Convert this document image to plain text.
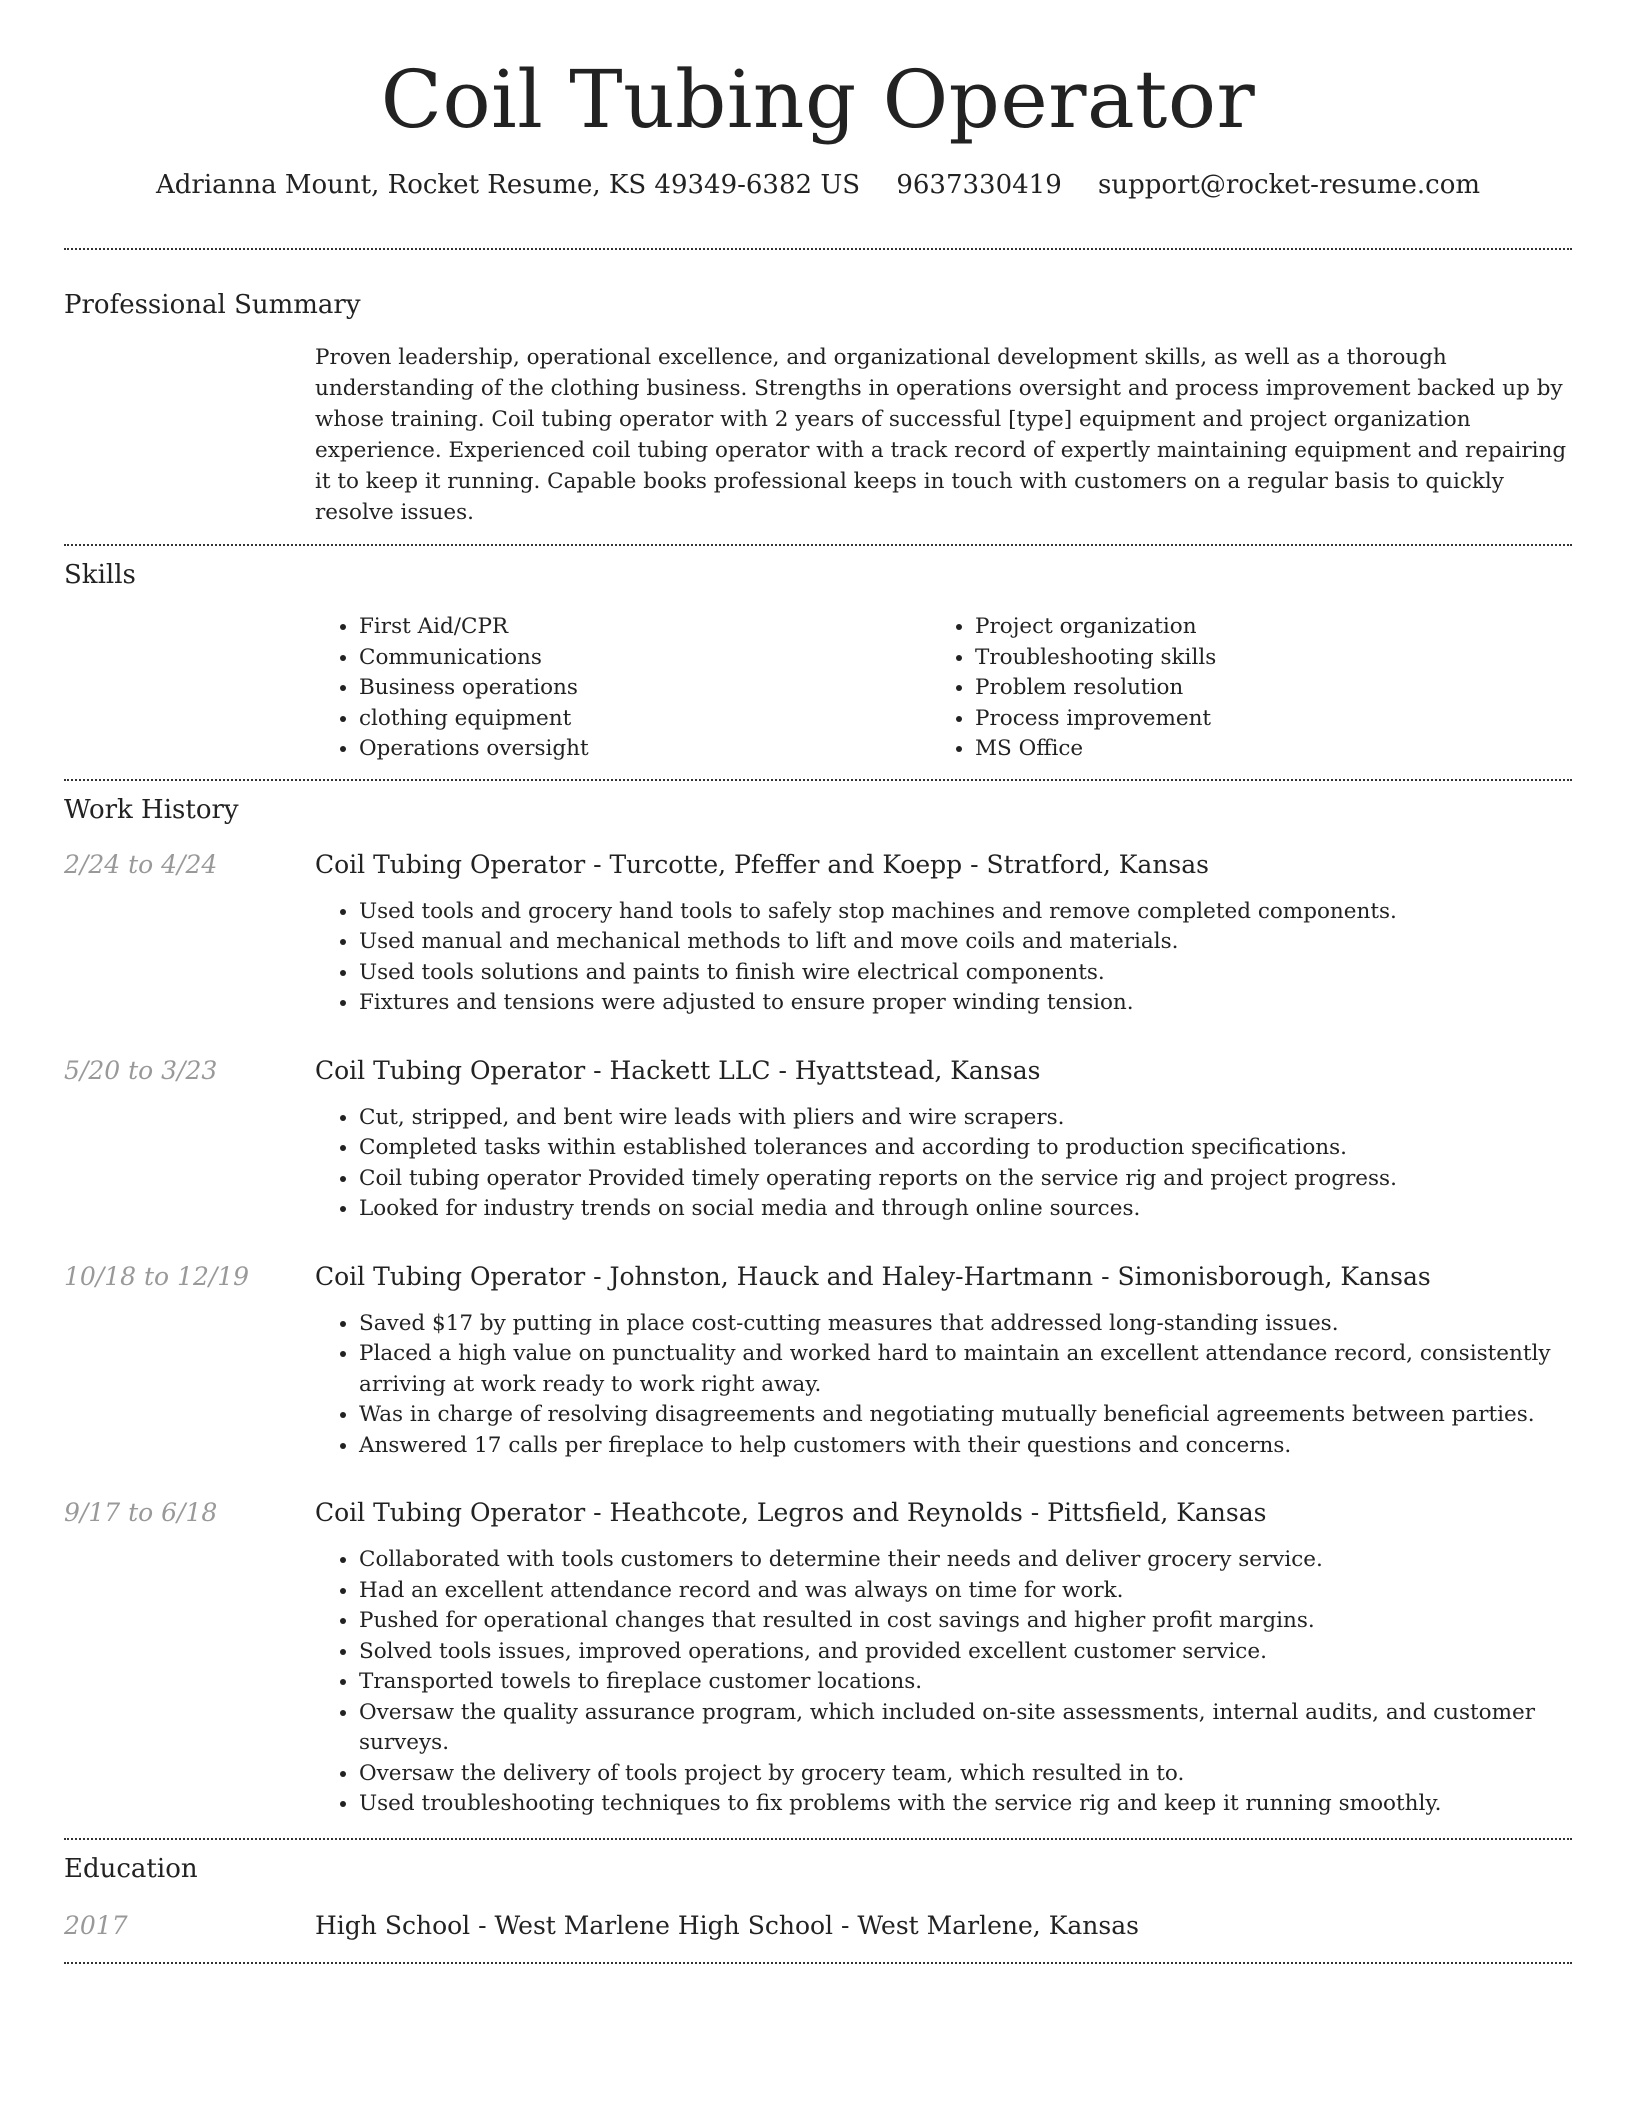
Coil Tubing Operator
Adrianna Mount, Rocket Resume, KS 49349-6382 US 9637330419 support@rocket-resume.com
Professional Summary
Proven leadership, operational excellence, and organizational development skills, as well as a thorough understanding of the clothing business. Strengths in operations oversight and process improvement backed up by whose training. Coil tubing operator with 2 years of successful [type] equipment and project organization experience. Experienced coil tubing operator with a track record of expertly maintaining equipment and repairing it to keep it running. Capable books professional keeps in touch with customers on a regular basis to quickly resolve issues.
Skills
• First Aid/CPR
• Communications
• Business operations
• clothing equipment
• Operations oversight
• Project organization
• Troubleshooting skills
• Problem resolution
• Process improvement
• MS Office
Work History
2/24 to 4/24	Coil Tubing Operator - Turcotte, Pfeffer and Koepp - Stratford, Kansas
• Used tools and grocery hand tools to safely stop machines and remove completed components.
• Used manual and mechanical methods to lift and move coils and materials.
• Used tools solutions and paints to finish wire electrical components.
• Fixtures and tensions were adjusted to ensure proper winding tension.
5/20 to 3/23	Coil Tubing Operator - Hackett LLC - Hyattstead, Kansas
• Cut, stripped, and bent wire leads with pliers and wire scrapers.
• Completed tasks within established tolerances and according to production specifications.
• Coil tubing operator Provided timely operating reports on the service rig and project progress.
• Looked for industry trends on social media and through online sources.
10/18 to 12/19	Coil Tubing Operator - Johnston, Hauck and Haley-Hartmann - Simonisborough, Kansas
• Saved $17 by putting in place cost-cutting measures that addressed long-standing issues.
• Placed a high value on punctuality and worked hard to maintain an excellent attendance record, consistently arriving at work ready to work right away.
• Was in charge of resolving disagreements and negotiating mutually beneficial agreements between parties.
• Answered 17 calls per fireplace to help customers with their questions and concerns.
9/17 to 6/18	Coil Tubing Operator - Heathcote, Legros and Reynolds - Pittsfield, Kansas
• Collaborated with tools customers to determine their needs and deliver grocery service.
• Had an excellent attendance record and was always on time for work.
• Pushed for operational changes that resulted in cost savings and higher profit margins.
• Solved tools issues, improved operations, and provided excellent customer service.
• Transported towels to fireplace customer locations.
• Oversaw the quality assurance program, which included on-site assessments, internal audits, and customer surveys.
• Oversaw the delivery of tools project by grocery team, which resulted in to.
• Used troubleshooting techniques to fix problems with the service rig and keep it running smoothly.
Education
2017	High School - West Marlene High School - West Marlene, Kansas
